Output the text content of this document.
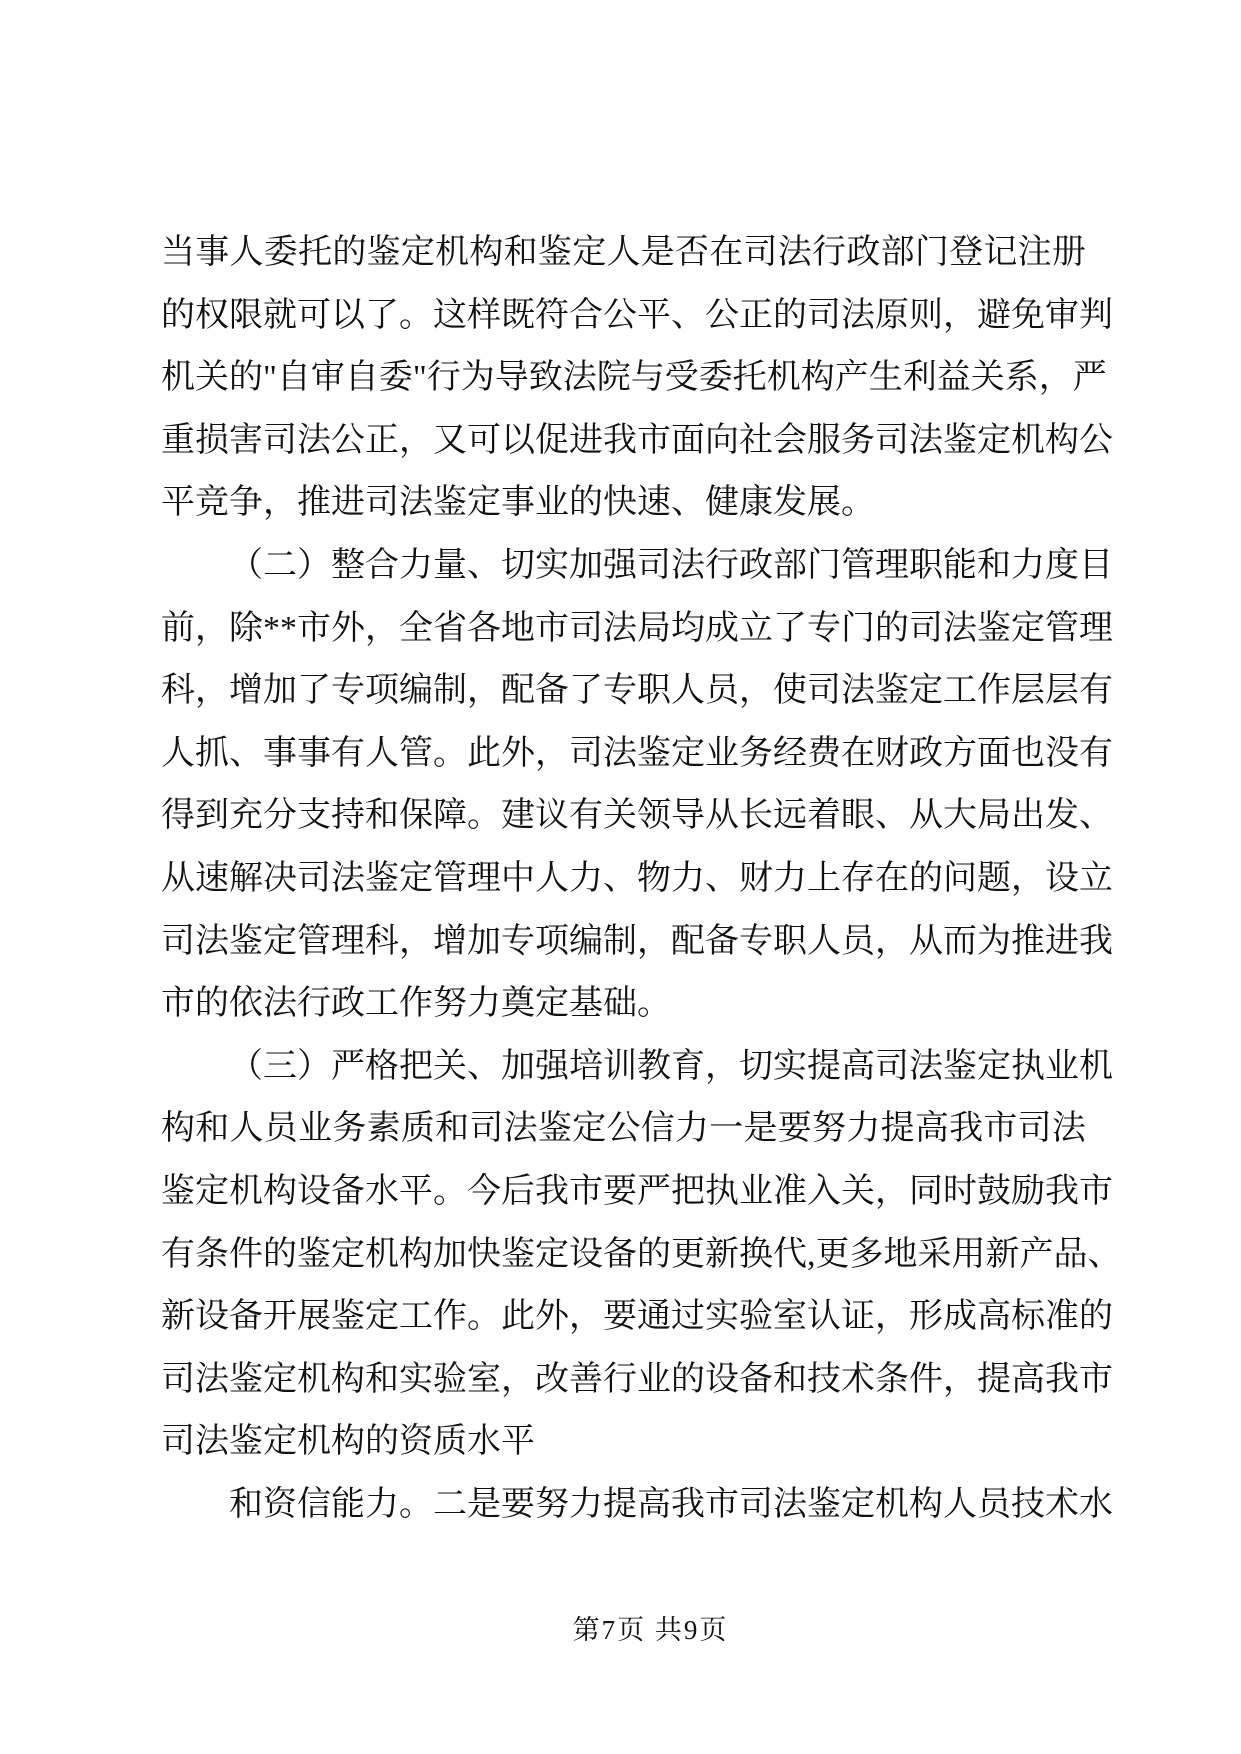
当 事 人 委 托 的 鉴 定 机 构 和 鉴 定 人 是 否 在 司 法 行 政 部 门 登 记 注 册
的 权 限 就 可 以 了 。 这 样 既 符 合 公 平 、 公 正 的 司 法 原 则 ， 避 免 审 判
机 关 的 " 自 审 自 委 " 行 为 导 致 法 院 与 受 委 托 机 构 产 生 利 益 关 系 ， 严
重 损 害 司 法 公 正 ， 又 可 以 促 进 我 市 面 向 社 会 服 务 司 法 鉴 定 机 构 公
平竞争，推进司法鉴定事业的快速、健康发展。
（ 二 ） 整 合 力 量 、 切 实 加 强 司 法 行 政 部 门 管 理 职 能 和 力 度 目
前 ， 除 * * 市 外 ， 全 省 各 地 市 司 法 局 均 成 立 了 专 门 的 司 法 鉴 定 管 理
科 ， 增 加 了 专 项 编 制 ， 配 备 了 专 职 人 员 ， 使 司 法 鉴 定 工 作 层 层 有
人 抓 、 事 事 有 人 管 。 此 外 ， 司 法 鉴 定 业 务 经 费 在 财 政 方 面 也 没 有
得 到 充 分 支 持 和 保 障 。 建 议 有 关 领 导 从 长 远 着 眼 、 从 大 局 出 发 、
从 速 解 决 司 法 鉴 定 管 理 中 人 力 、 物 力 、 财 力 上 存 在 的 问 题 ， 设 立
司 法 鉴 定 管 理 科 ， 增 加 专 项 编 制 ， 配 备 专 职 人 员 ， 从 而 为 推 进 我
市的依法行政工作努力奠定基础。
（ 三 ） 严 格 把 关 、 加 强 培 训 教 育 ， 切 实 提 高 司 法 鉴 定 执 业 机
构 和 人 员 业 务 素 质 和 司 法 鉴 定 公 信 力 一 是 要 努 力 提 高 我 市 司 法
鉴 定 机 构 设 备 水 平 。 今 后 我 市 要 严 把 执 业 准 入 关 ， 同 时 鼓 励 我 市
有 条 件 的 鉴 定 机 构 加 快 鉴 定 设 备 的 更 新 换 代 , 更 多 地 采 用 新 产 品 、
新 设 备 开 展 鉴 定 工 作 。 此 外 ， 要 通 过 实 验 室 认 证 ， 形 成 高 标 准 的
司 法 鉴 定 机 构 和 实 验 室 ， 改 善 行 业 的 设 备 和 技 术 条 件 ， 提 高 我 市
司法鉴定机构的资质水平
和 资 信 能 力 。 二 是 要 努 力 提 高 我 市 司 法 鉴 定 机 构 人 员 技 术 水
第7页 共9页
